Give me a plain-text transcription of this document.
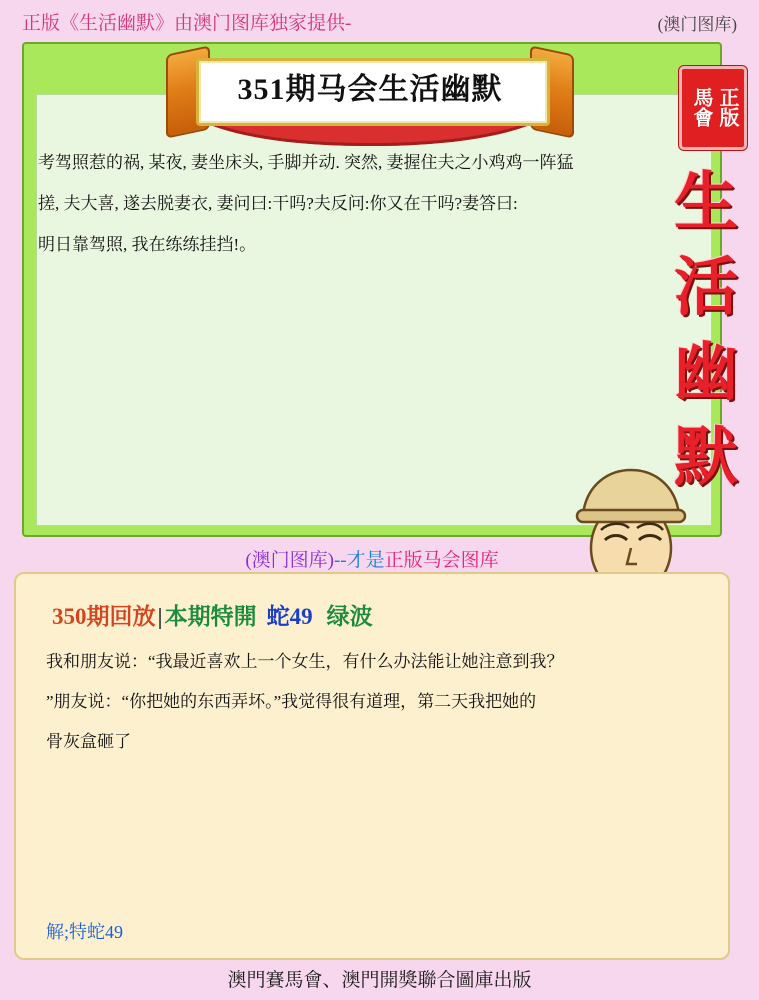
正版《生活幽默》由澳门图库独家提供-	(澳门图库)
351期马会生活幽默

考驾照惹的祸, 某夜, 妻坐床头, 手脚并动. 突然, 妻握住夫之小鸡鸡一阵猛

搓, 夫大喜, 遂去脱妻衣, 妻问曰:干吗?夫反问:你又在干吗?妻答曰:

明日靠驾照, 我在练练挂挡!。

正版
馬會
生
活
幽
默
(澳门图库)--才是正版马会图库
350期回放|本期特開 蛇49 绿波

我和朋友说：“我最近喜欢上一个女生，有什么办法能让她注意到我？

”朋友说：“你把她的东西弄坏。”我觉得很有道理，第二天我把她的

骨灰盒砸了

解;特蛇49
澳門賽馬會、澳門開獎聯合圖庫出版
